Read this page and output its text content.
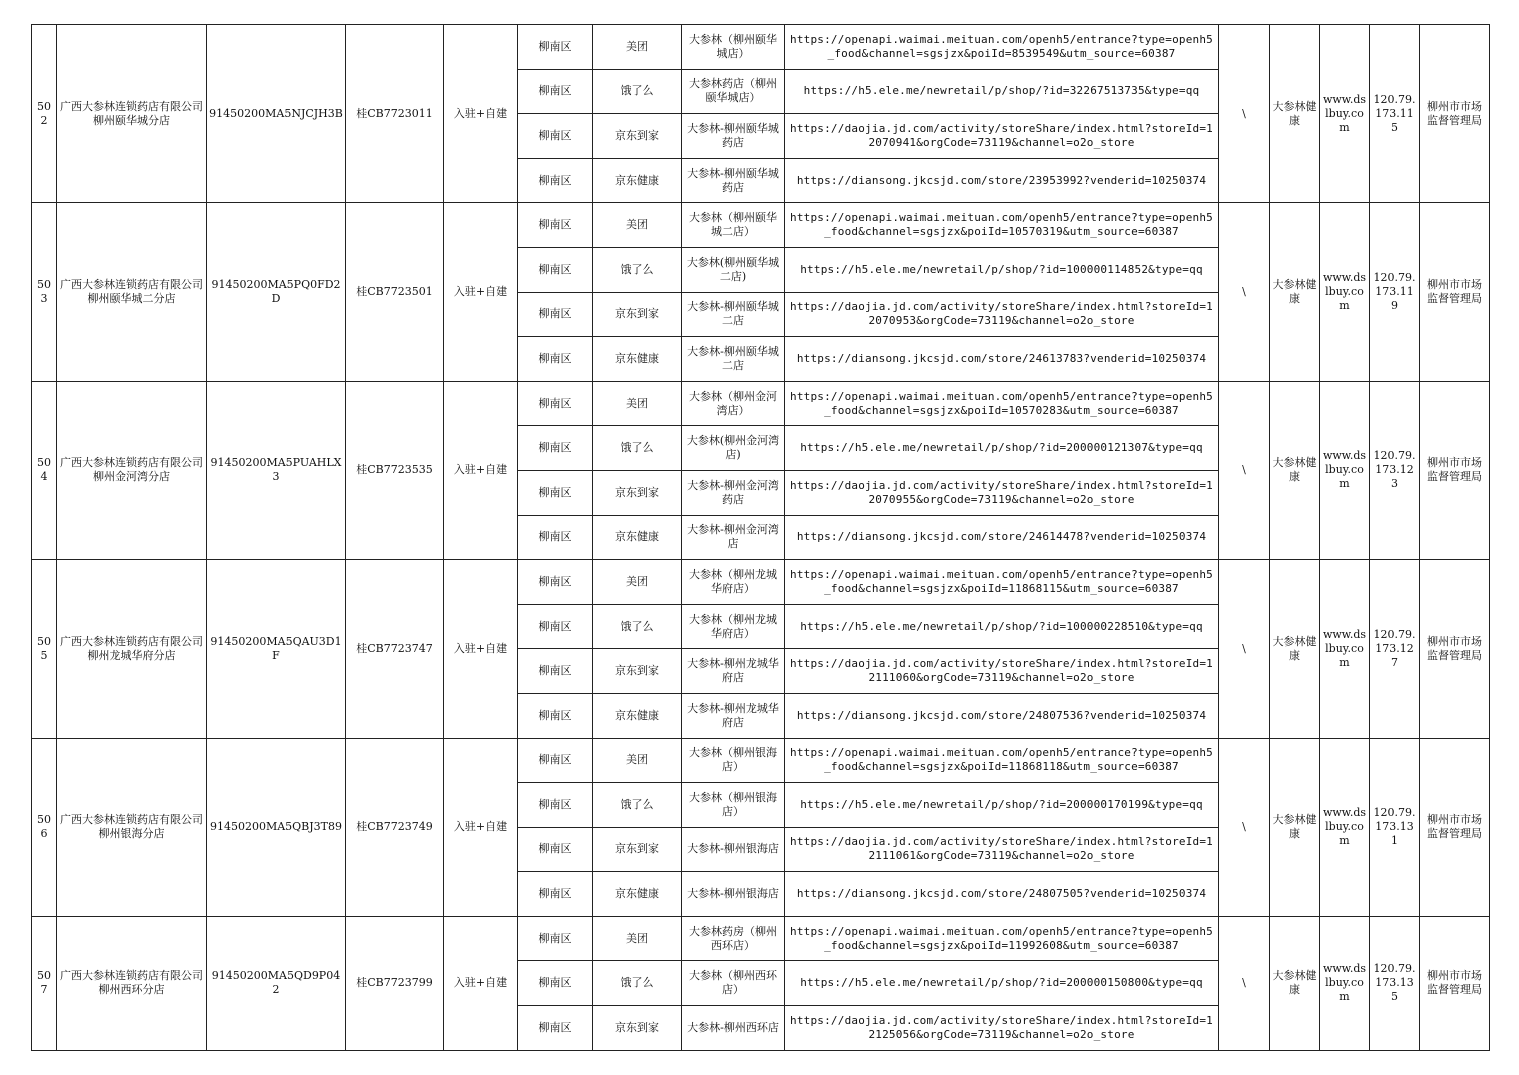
502	广西大参林连锁药店有限公司柳州颐华城分店	91450200MA5NJCJH3B	桂CB7723011	入驻+自建	柳南区	美团	大参林（柳州颐华城店）	https://openapi.waimai.meituan.com/openh5/entrance?type=openh5_food&channel=sgsjzx&poiId=8539549&utm_source=60387	\	大参林健康	www.dslbuy.com	120.79.173.115	柳州市市场监督管理局
					柳南区	饿了么	大参林药店（柳州颐华城店）	https://h5.ele.me/newretail/p/shop/?id=32267513735&type=qq					
					柳南区	京东到家	大参林-柳州颐华城药店	https://daojia.jd.com/activity/storeShare/index.html?storeId=12070941&orgCode=73119&channel=o2o_store					
					柳南区	京东健康	大参林-柳州颐华城药店	https://diansong.jkcsjd.com/store/23953992?venderid=10250374					
503	广西大参林连锁药店有限公司柳州颐华城二分店	91450200MA5PQ0FD2D	桂CB7723501	入驻+自建	柳南区	美团	大参林（柳州颐华城二店）	https://openapi.waimai.meituan.com/openh5/entrance?type=openh5_food&channel=sgsjzx&poiId=10570319&utm_source=60387	\	大参林健康	www.dslbuy.com	120.79.173.119	柳州市市场监督管理局
					柳南区	饿了么	大参林(柳州颐华城二店)	https://h5.ele.me/newretail/p/shop/?id=100000114852&type=qq					
					柳南区	京东到家	大参林-柳州颐华城二店	https://daojia.jd.com/activity/storeShare/index.html?storeId=12070953&orgCode=73119&channel=o2o_store					
					柳南区	京东健康	大参林-柳州颐华城二店	https://diansong.jkcsjd.com/store/24613783?venderid=10250374					
504	广西大参林连锁药店有限公司柳州金河湾分店	91450200MA5PUAHLX3	桂CB7723535	入驻+自建	柳南区	美团	大参林（柳州金河湾店）	https://openapi.waimai.meituan.com/openh5/entrance?type=openh5_food&channel=sgsjzx&poiId=10570283&utm_source=60387	\	大参林健康	www.dslbuy.com	120.79.173.123	柳州市市场监督管理局
					柳南区	饿了么	大参林(柳州金河湾店)	https://h5.ele.me/newretail/p/shop/?id=200000121307&type=qq					
					柳南区	京东到家	大参林-柳州金河湾药店	https://daojia.jd.com/activity/storeShare/index.html?storeId=12070955&orgCode=73119&channel=o2o_store					
					柳南区	京东健康	大参林-柳州金河湾店	https://diansong.jkcsjd.com/store/24614478?venderid=10250374					
505	广西大参林连锁药店有限公司柳州龙城华府分店	91450200MA5QAU3D1F	桂CB7723747	入驻+自建	柳南区	美团	大参林（柳州龙城华府店）	https://openapi.waimai.meituan.com/openh5/entrance?type=openh5_food&channel=sgsjzx&poiId=11868115&utm_source=60387	\	大参林健康	www.dslbuy.com	120.79.173.127	柳州市市场监督管理局
					柳南区	饿了么	大参林（柳州龙城华府店）	https://h5.ele.me/newretail/p/shop/?id=100000228510&type=qq					
					柳南区	京东到家	大参林-柳州龙城华府店	https://daojia.jd.com/activity/storeShare/index.html?storeId=12111060&orgCode=73119&channel=o2o_store					
					柳南区	京东健康	大参林-柳州龙城华府店	https://diansong.jkcsjd.com/store/24807536?venderid=10250374					
506	广西大参林连锁药店有限公司柳州银海分店	91450200MA5QBJ3T89	桂CB7723749	入驻+自建	柳南区	美团	大参林（柳州银海店）	https://openapi.waimai.meituan.com/openh5/entrance?type=openh5_food&channel=sgsjzx&poiId=11868118&utm_source=60387	\	大参林健康	www.dslbuy.com	120.79.173.131	柳州市市场监督管理局
					柳南区	饿了么	大参林（柳州银海店）	https://h5.ele.me/newretail/p/shop/?id=200000170199&type=qq					
					柳南区	京东到家	大参林-柳州银海店	https://daojia.jd.com/activity/storeShare/index.html?storeId=12111061&orgCode=73119&channel=o2o_store					
					柳南区	京东健康	大参林-柳州银海店	https://diansong.jkcsjd.com/store/24807505?venderid=10250374					
507	广西大参林连锁药店有限公司柳州西环分店	91450200MA5QD9P042	桂CB7723799	入驻+自建	柳南区	美团	大参林药房（柳州西环店）	https://openapi.waimai.meituan.com/openh5/entrance?type=openh5_food&channel=sgsjzx&poiId=11992608&utm_source=60387	\	大参林健康	www.dslbuy.com	120.79.173.135	柳州市市场监督管理局
					柳南区	饿了么	大参林（柳州西环店）	https://h5.ele.me/newretail/p/shop/?id=200000150800&type=qq					
					柳南区	京东到家	大参林-柳州西环店	https://daojia.jd.com/activity/storeShare/index.html?storeId=12125056&orgCode=73119&channel=o2o_store					
